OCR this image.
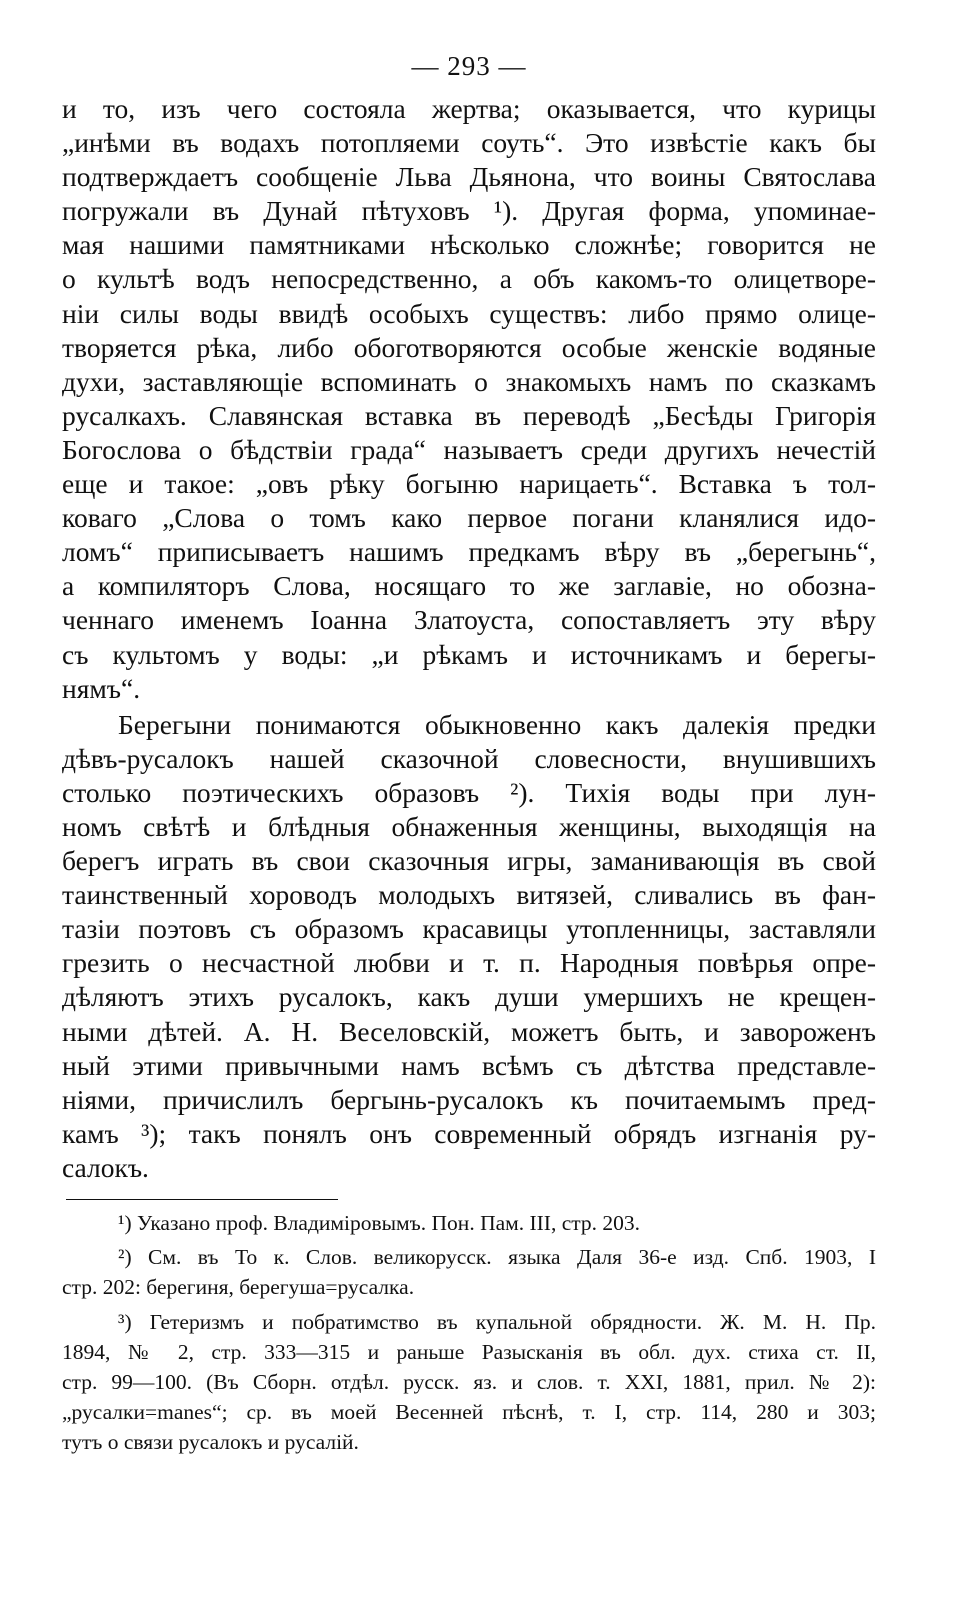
— 293 —
и то, изъ чего состояла жертва; оказывается, что курицы
„инѣми въ водахъ потопляеми соуть“. Это извѣстіе какъ бы
подтверждаетъ сообщеніе Льва Дьянона, что воины Святослава
погружали въ Дунай пѣтуховъ ¹). Другая форма, упоминае-
мая нашими памятниками нѣсколько сложнѣе; говорится не
о культѣ водъ непосредственно, а объ какомъ-то олицетворе-
ніи силы воды ввидѣ особыхъ существъ: либо прямо олице-
творяется рѣка, либо обоготворяются особые женскіе водяные
духи, заставляющіе вспоминать о знакомыхъ намъ по сказкамъ
русалкахъ. Славянская вставка въ переводѣ „Бесѣды Григорія
Богослова о бѣдствіи града“ называетъ среди другихъ нечестій
еще и такое: „овъ рѣку богыню нарицаеть“. Вставка ъ тол-
коваго „Слова о томъ како первое погани кланялися идо-
ломъ“ приписываетъ нашимъ предкамъ вѣру въ „берегынь“,
а компиляторъ Слова, носящаго то же заглавіе, но обозна-
ченнаго именемъ Іоанна Златоуста, сопоставляетъ эту вѣру
съ культомъ у воды: „и рѣкамъ и источникамъ и берегы-
нямъ“.
Берегыни понимаются обыкновенно какъ далекія предки
дѣвъ-русалокъ нашей сказочной словесности, внушившихъ
столько поэтическихъ образовъ ²). Тихія воды при лун-
номъ свѣтѣ и блѣдныя обнаженныя женщины, выходящія на
берегъ играть въ свои сказочныя игры, заманивающія въ свой
таинственный хороводъ молодыхъ витязей, сливались въ фан-
тазіи поэтовъ съ образомъ красавицы утопленницы, заставляли
грезить о несчастной любви и т. п. Народныя повѣрья опре-
дѣляютъ этихъ русалокъ, какъ души умершихъ не крещен-
ными дѣтей. А. Н. Веселовскій, можетъ быть, и завороженъ
ный этими привычными намъ всѣмъ съ дѣтства представле-
ніями, причислилъ бергынь-русалокъ къ почитаемымъ пред-
камъ ³); такъ понялъ онъ современный обрядъ изгнанія ру-
салокъ.
¹) Указано проф. Владиміровымъ. Пон. Пам. III, стр. 203.
²) См. въ То к. Слов. великорусск. языка Даля 36-е изд. Спб. 1903, I
стр. 202: берегиня, берегуша=русалка.
³) Гетеризмъ и побратимство въ купальной обрядности. Ж. М. Н. Пр.
1894, № 2, стр. 333—315 и раньше Разысканія въ обл. дух. стиха ст. II,
стр. 99—100. (Въ Сборн. отдѣл. русск. яз. и слов. т. XXI, 1881, прил. № 2):
„русалки=manes“; ср. въ моей Весенней пѣснѣ, т. I, стр. 114, 280 и 303;
тутъ о связи русалокъ и русалій.
